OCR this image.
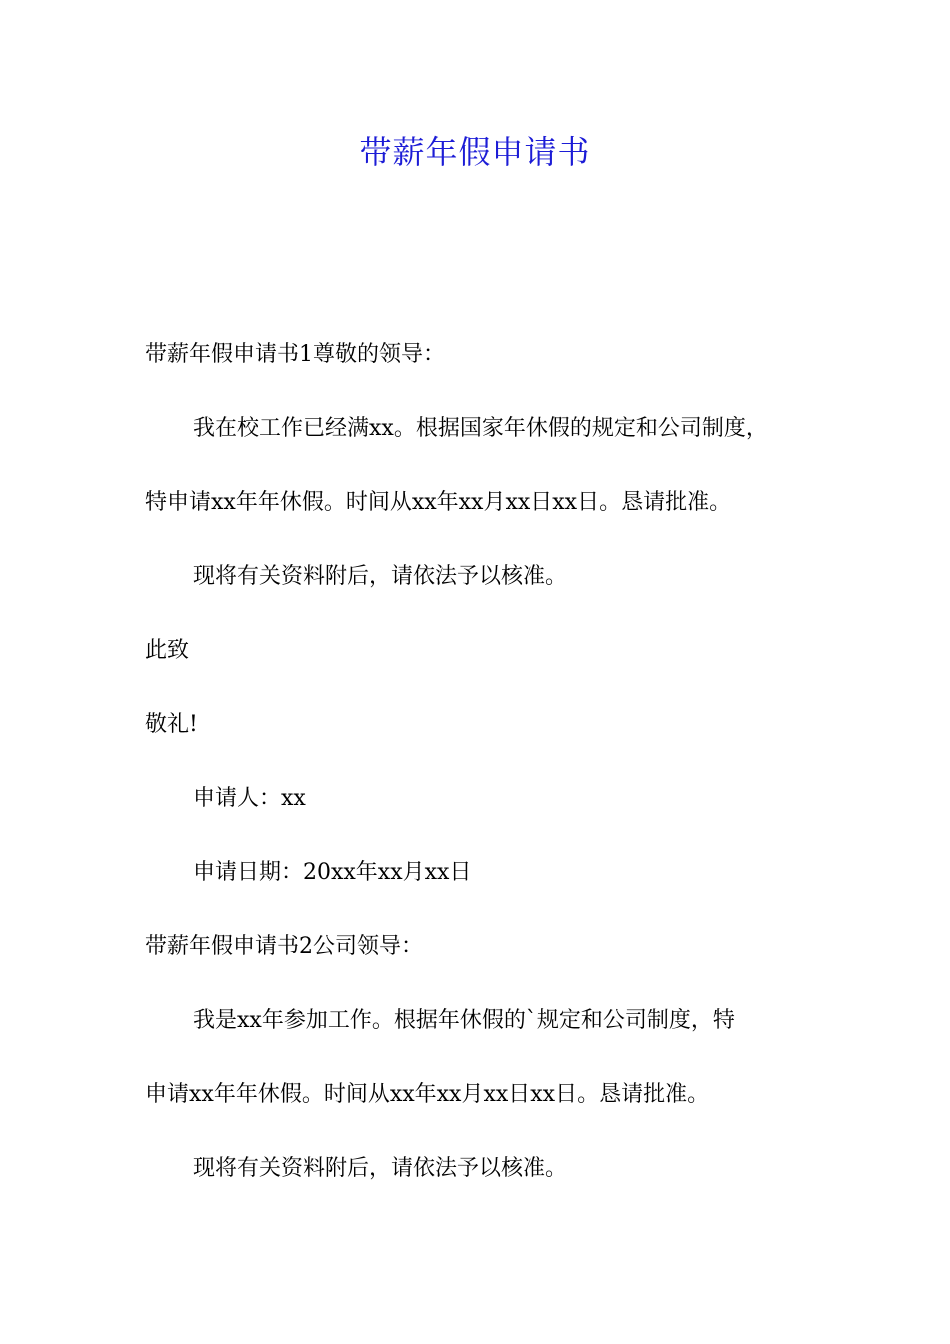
带薪年假申请书
带薪年假申请书1尊敬的领导：
我在校工作已经满xx。根据国家年休假的规定和公司制度，
特申请xx年年休假。时间从xx年xx月xx日xx日。恳请批准。
现将有关资料附后，请依法予以核准。
此致
敬礼!
申请人：xx
申请日期：20xx年xx月xx日
带薪年假申请书2公司领导：
我是xx年参加工作。根据年休假的`规定和公司制度，特
申请xx年年休假。时间从xx年xx月xx日xx日。恳请批准。
现将有关资料附后，请依法予以核准。
